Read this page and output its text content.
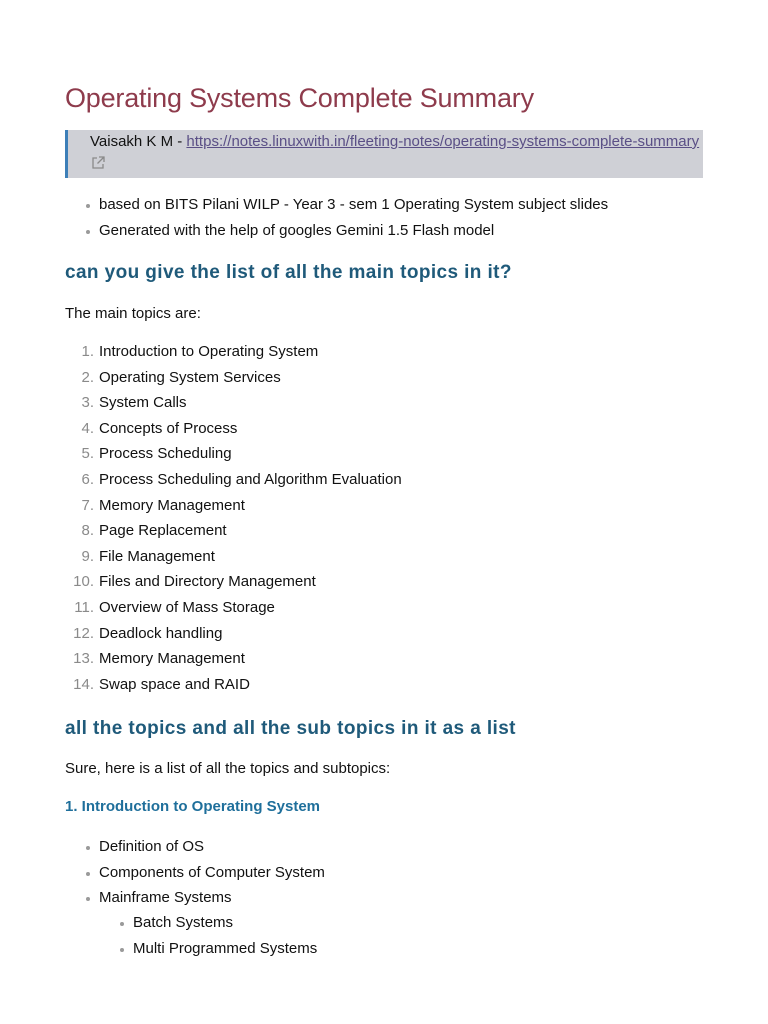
Operating Systems Complete Summary
Vaisakh K M - https://notes.linuxwith.in/fleeting-notes/operating-systems-complete-summary
based on BITS Pilani WILP - Year 3 - sem 1 Operating System subject slides
Generated with the help of googles Gemini 1.5 Flash model
can you give the list of all the main topics in it?

The main topics are:

1. Introduction to Operating System
2. Operating System Services
3. System Calls
4. Concepts of Process
5. Process Scheduling
6. Process Scheduling and Algorithm Evaluation
7. Memory Management
8. Page Replacement
9. File Management
10. Files and Directory Management
11. Overview of Mass Storage
12. Deadlock handling
13. Memory Management
14. Swap space and RAID
all the topics and all the sub topics in it as a list

Sure, here is a list of all the topics and subtopics:

1. Introduction to Operating System
Definition of OS
Components of Computer System
Mainframe Systems
Batch Systems
Multi Programmed Systems
